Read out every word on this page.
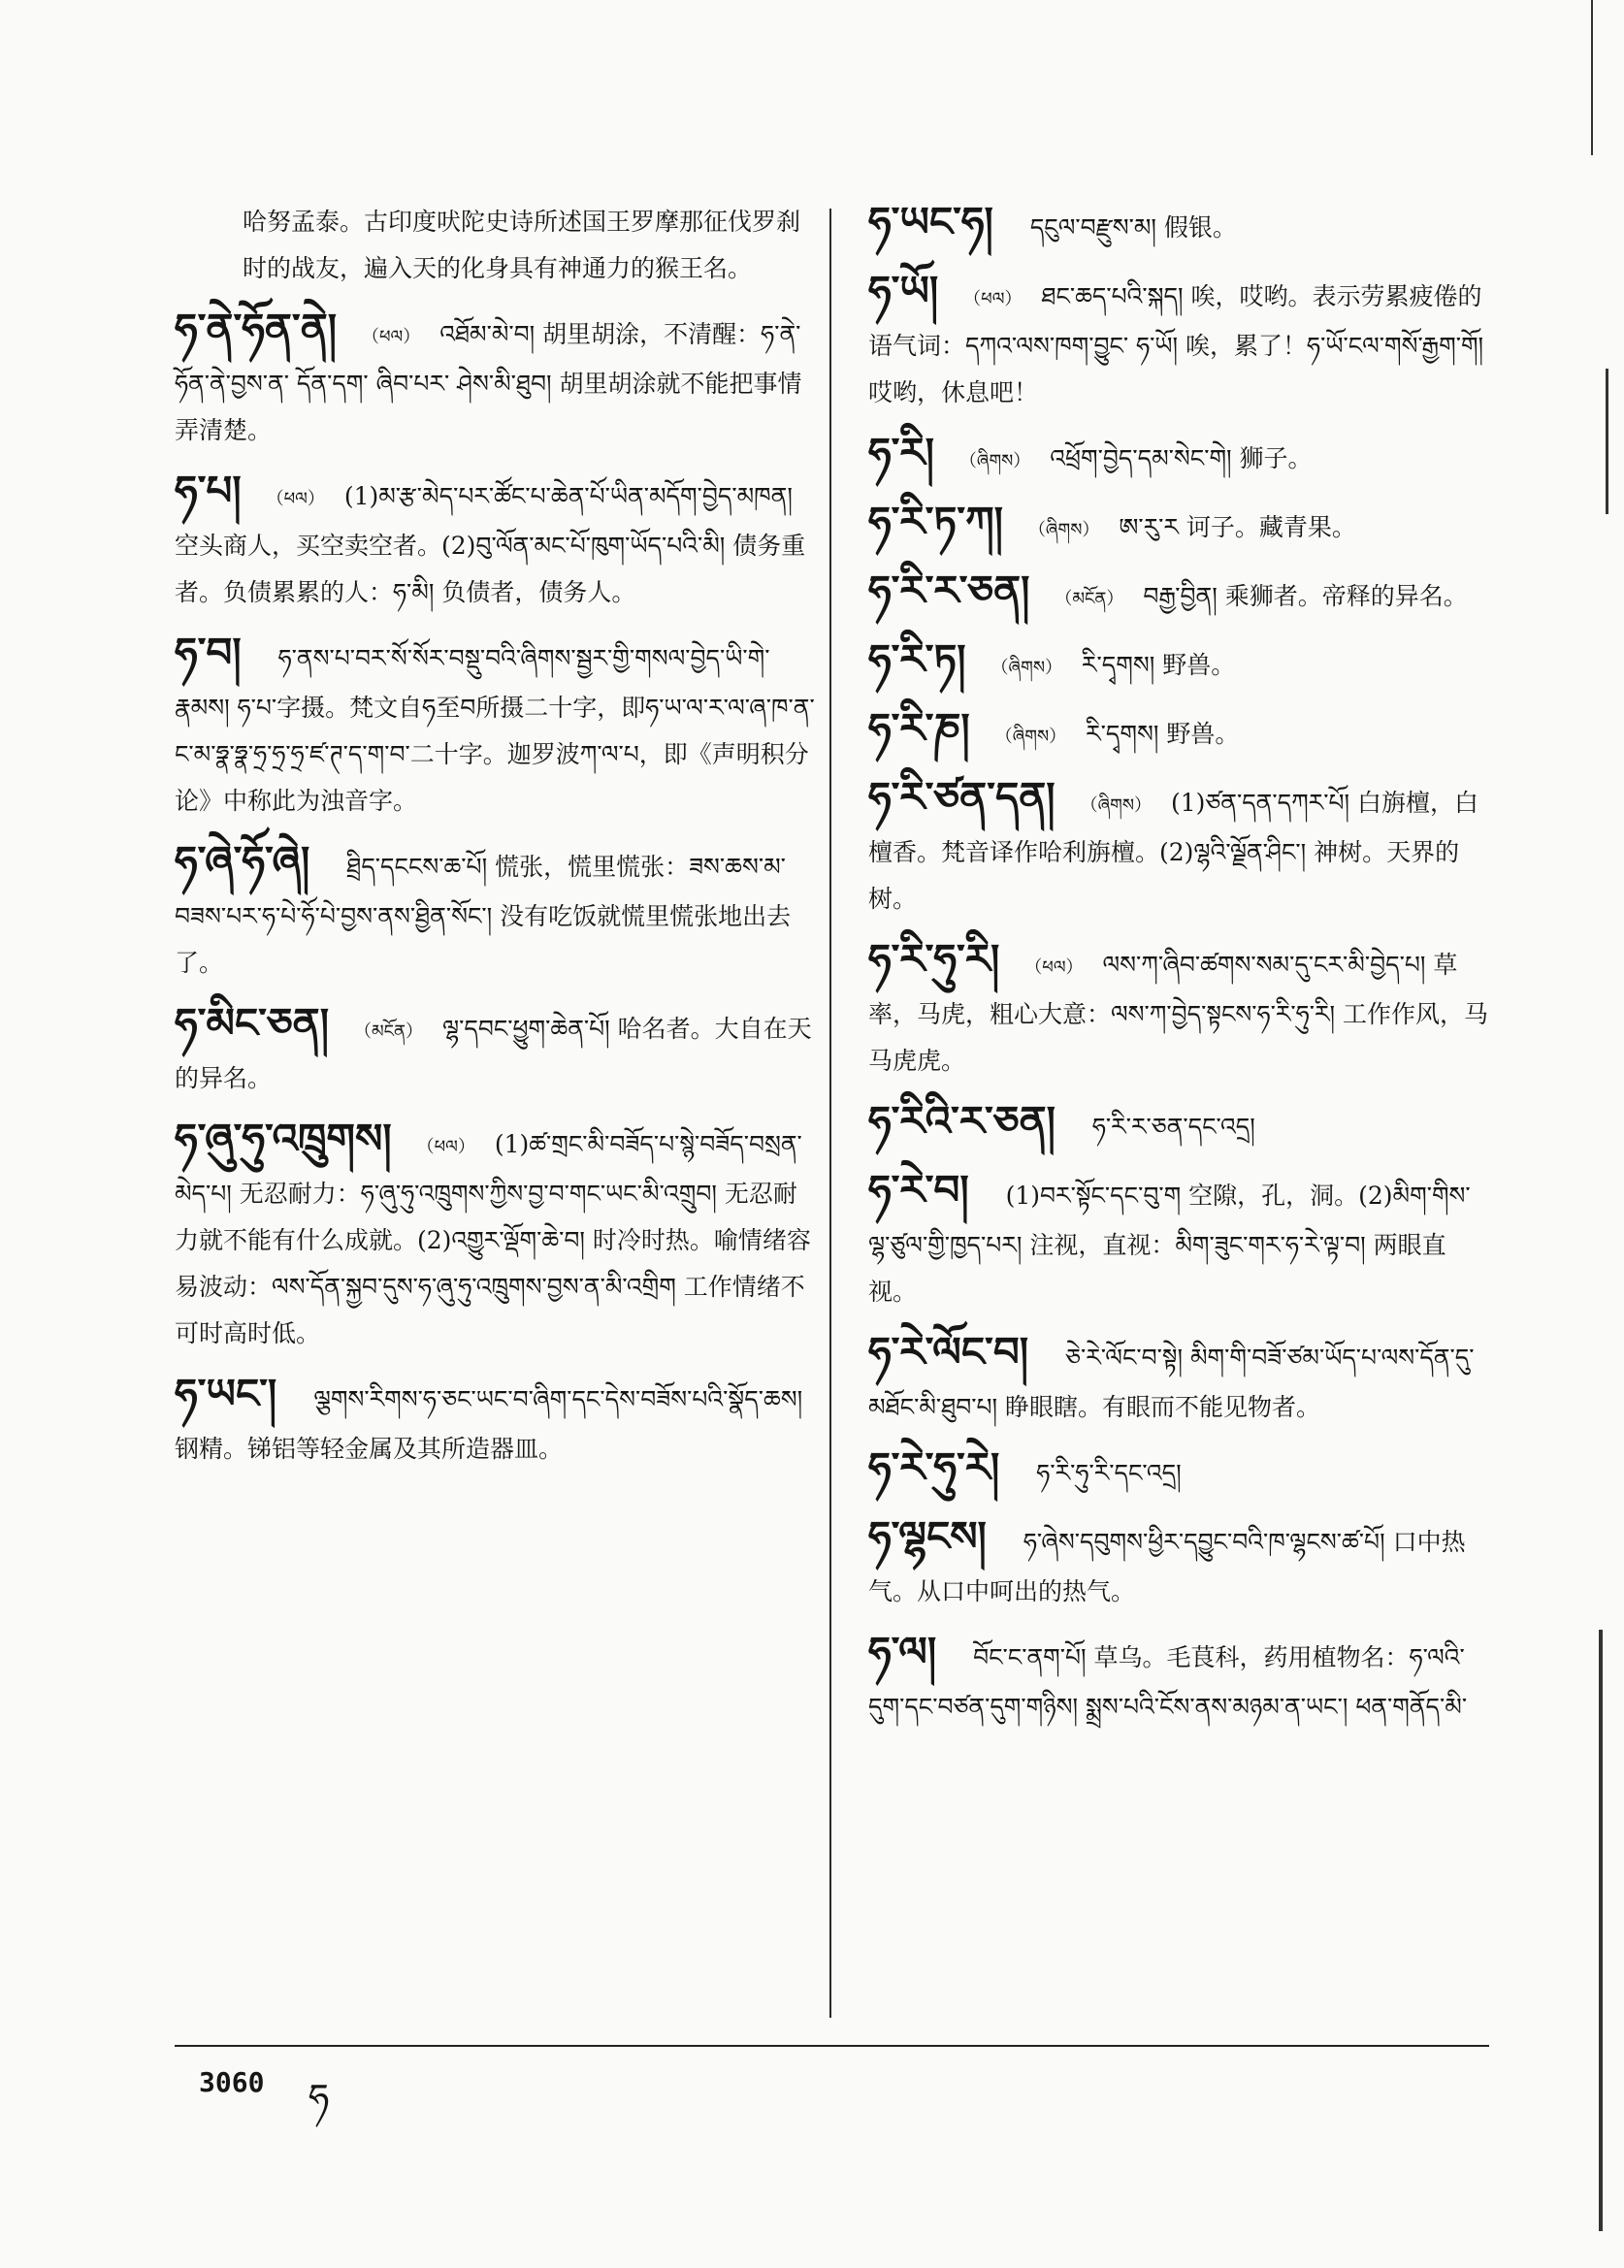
哈努孟泰。古印度吠陀史诗所述国王罗摩那征伐罗刹时的战友，遍入天的化身具有神通力的猴王名。
ཧ་ནེ་ཧོན་ནེ། （ཕལ） འཐོམ་མེ་བ། 胡里胡涂，不清醒：ཧ་ནེ་ཧོན་ནེ་བྱས་ན་ དོན་དག་ ཞིབ་པར་ ཤེས་མི་ཐུབ། 胡里胡涂就不能把事情弄清楚。
ཧ་པ། （ཕལ） (1)མ་རྩ་མེད་པར་ཚོང་པ་ཆེན་པོ་ཡིན་མདོག་བྱེད་མཁན། 空头商人，买空卖空者。(2)བུ་ལོན་མང་པོ་ཁུག་ཡོད་པའི་མི། 债务重者。负债累累的人：ཧ་མི། 负债者，债务人。
ཧ་བ། ཧ་ནས་པ་བར་སོ་སོར་བསྡུ་བའི་ཞིགས་སྦྱར་གྱི་གསལ་བྱེད་ཡི་གེ་རྣམས། ཧ་པ་字摄。梵文自ཧ至བ所摄二十字，即ཧ་ཡ་ལ་ར་ལ་ཞ་ཁ་ན་ང་མ་ཧྣ་ཧྣ་ཧྲ་ཧྲ་ཧྲ་ཛ་ཊ་ད་ག་བ་二十字。迦罗波ཀ་ལ་པ，即《声明积分论》中称此为浊音字。
ཧ་ཞེ་ཧོ་ཞེ། ཐྲིད་དངངས་ཆ་པོ། 慌张，慌里慌张：ཟས་ཆས་མ་བཟས་པར་ཧ་པེ་ཧོ་པེ་བྱས་ནས་ཐྱིན་སོང་། 没有吃饭就慌里慌张地出去了。
ཧ་མིང་ཅན། （མངོན） ལྷ་དབང་ཕྱུག་ཆེན་པོ། 哈名者。大自在天的异名。
ཧ་ཞུ་ཧུ་འཁྲུགས། （ཕལ） (1)ཚ་གྲང་མི་བཟོད་པ་སྙེ་བཟོད་བསྲན་མེད་པ། 无忍耐力：ཧ་ཞུ་ཧུ་འཁྲུགས་ཀྱིས་བྱ་བ་གང་ཡང་མི་འགྲུབ། 无忍耐力就不能有什么成就。(2)འགྱུར་ལྡོག་ཆེ་བ། 时冷时热。喻情绪容易波动：ལས་དོན་སྐྱབ་དུས་ཧ་ཞུ་ཧུ་འཁྲུགས་བྱས་ན་མི་འགྲིག 工作情绪不可时高时低。
ཧ་ཡང་། ལྕགས་རིགས་ཧ་ཅང་ཡང་བ་ཞིག་དང་དེས་བཟོས་པའི་སྣོད་ཆས། 钢精。锑铝等轻金属及其所造器皿。
ཧ་ཡང་ཧ། དངུལ་བརྫུས་མ། 假银。
ཧ་ཡོ། （ཕལ） ཐང་ཆད་པའི་སྐད། 唉，哎哟。表示劳累疲倦的语气词：དཀའ་ལས་ཁག་བྱུང་ ཧ་ཡོ། 唉，累了！ཧ་ཡོ་ངལ་གསོ་རྒྱག་གོ། 哎哟，休息吧！
ཧ་རི། （ཞིགས） འཕྲོག་བྱེད་དམ་སེང་གེ། 狮子。
ཧ་རི་ཏ་ཀ། （ཞིགས） ཨ་རུ་ར 诃子。藏青果。
ཧ་རི་ར་ཅན། （མངོན） བརྒྱ་བྱིན། 乘狮者。帝释的异名。
ཧ་རི་ཏ། （ཞིགས） རི་དྭགས། 野兽。
ཧ་རི་ཎ། （ཞིགས） རི་དྭགས། 野兽。
ཧ་རི་ཙན་དན། （ཞིགས） (1)ཙན་དན་དཀར་པོ། 白旃檀，白檀香。梵音译作哈利旃檀。(2)ལྷའི་ལྗོན་ཤིང་། 神树。天界的树。
ཧ་རི་ཧུ་རི། （ཕལ） ལས་ཀ་ཞིབ་ཚགས་སམ་དུ་ངར་མི་བྱེད་པ། 草率，马虎，粗心大意：ལས་ཀ་བྱེད་སྟངས་ཧ་རི་ཧུ་རི། 工作作风，马马虎虎。
ཧ་རིའི་ར་ཅན། ཧ་རི་ར་ཅན་དང་འདྲ།
ཧ་རེ་བ། (1)བར་སྟོང་དང་བུ་ག 空隙，孔，洞。(2)མིག་གིས་ལྷ་ཙུལ་གྱི་ཁྱད་པར། 注视，直视：མིག་ཟུང་གར་ཧ་རེ་ལྟ་བ། 两眼直视。
ཧ་རེ་ལོང་བ། ཅེ་རེ་ལོང་བ་སྟེ། མིག་གི་བཟོ་ཙམ་ཡོད་པ་ལས་དོན་དུ་མཐོང་མི་ཐུབ་པ། 睁眼瞎。有眼而不能见物者。
ཧ་རེ་ཧུ་རེ། ཧ་རི་ཧུ་རི་དང་འདྲ།
ཧ་ལྷངས། ཧ་ཞེས་དབུགས་ཕྱིར་དབྱུང་བའི་ཁ་ལྷངས་ཚ་པོ། 口中热气。从口中呵出的热气。
ཧ་ལ། བོང་ང་ནག་པོ། 草乌。毛茛科，药用植物名：ཧ་ལའི་དུག་དང་བཙན་དུག་གཉིས། སྨྲས་པའི་ངོས་ནས་མཉམ་ན་ཡང་། ཕན་གནོད་མི་
3060 ཧ
